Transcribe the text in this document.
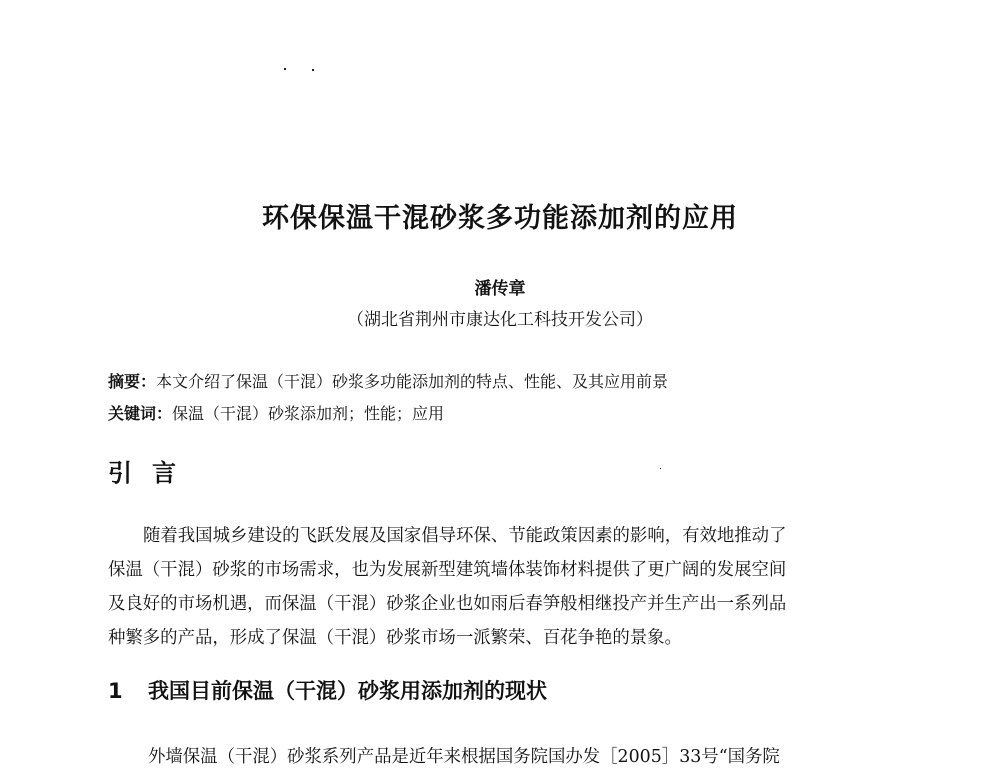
环保保温干混砂浆多功能添加剂的应用
潘传章
（湖北省荆州市康达化工科技开发公司）
摘要：本文介绍了保温（干混）砂浆多功能添加剂的特点、性能、及其应用前景
关键词：保温（干混）砂浆添加剂；性能；应用
引言
随着我国城乡建设的飞跃发展及国家倡导环保、节能政策因素的影响，有效地推动了
保温（干混）砂浆的市场需求，也为发展新型建筑墙体装饰材料提供了更广阔的发展空间
及良好的市场机遇，而保温（干混）砂浆企业也如雨后春笋般相继投产并生产出一系列品
种繁多的产品，形成了保温（干混）砂浆市场一派繁荣、百花争艳的景象。
1 我国目前保温（干混）砂浆用添加剂的现状
外墙保温（干混）砂浆系列产品是近年来根据国务院国办发［2005］33号“国务院
